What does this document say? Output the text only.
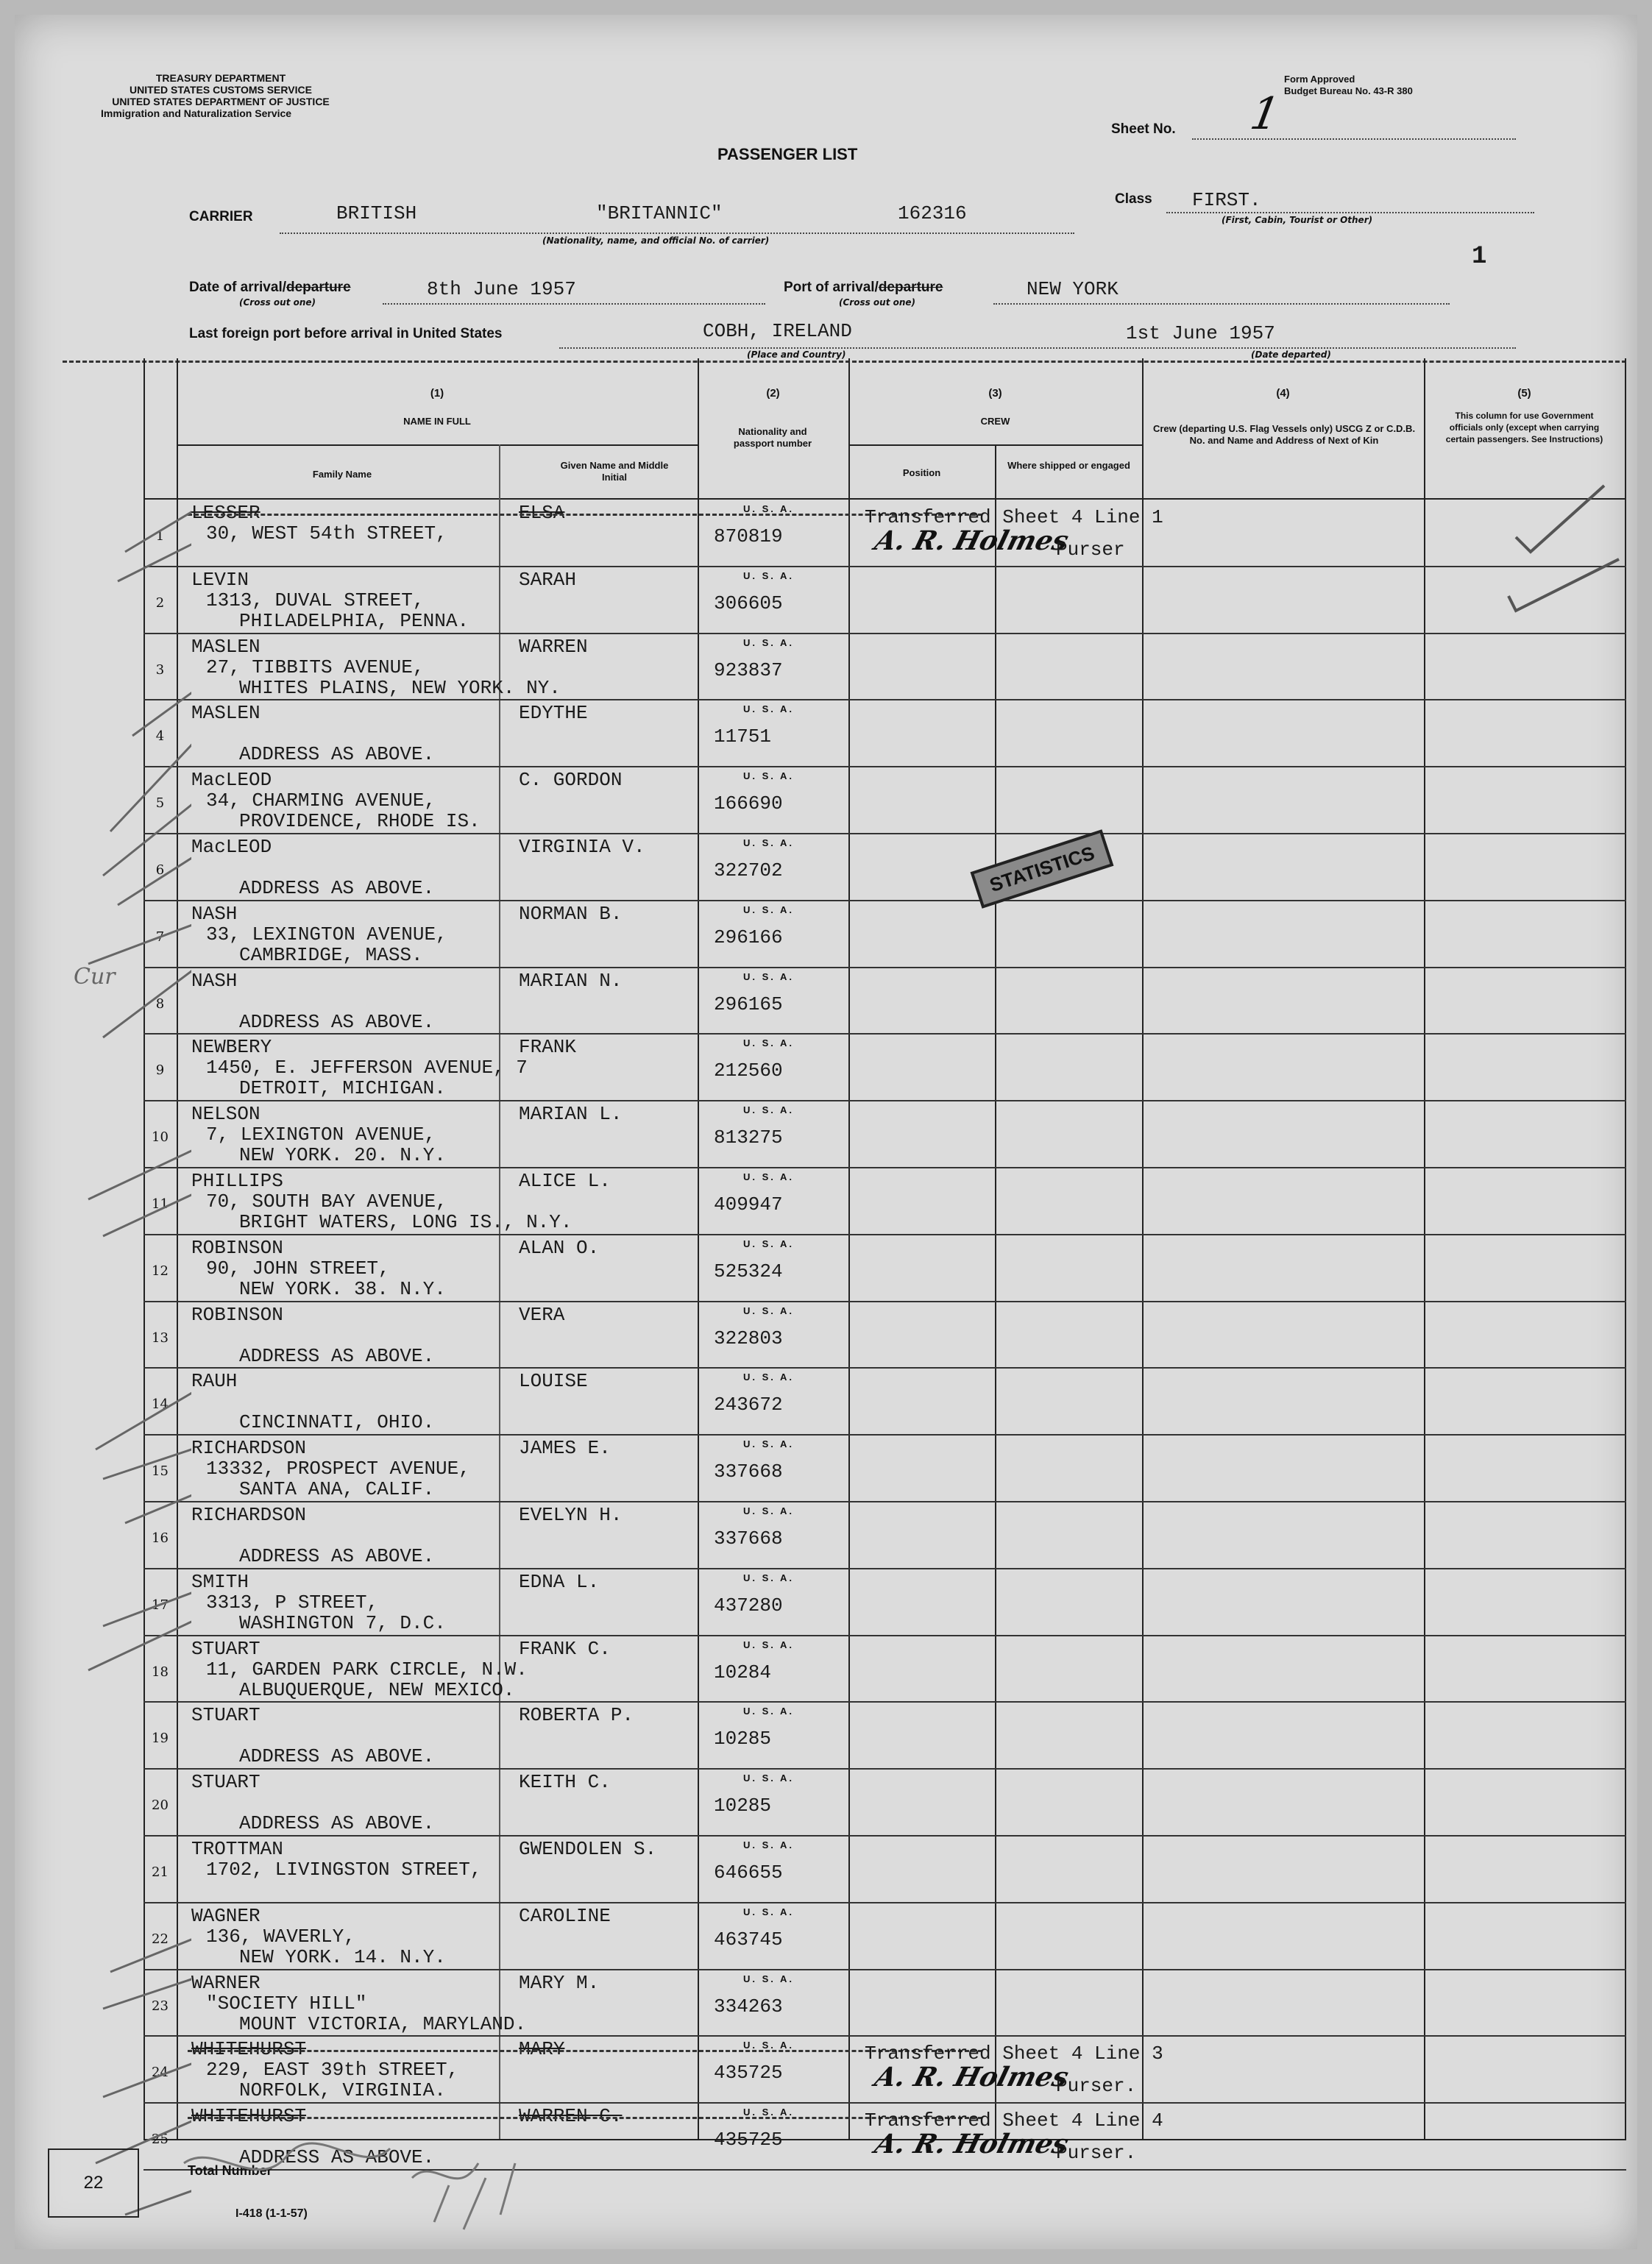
TREASURY DEPARTMENT
UNITED STATES CUSTOMS SERVICE
UNITED STATES DEPARTMENT OF JUSTICE
Immigration and Naturalization Service
Form Approved
Budget Bureau No. 43-R 380
Sheet No. 1
PASSENGER LIST
CARRIER	BRITISH	"BRITANNIC"	162316
(Nationality, name, and official No. of carrier)
Class FIRST.
(First, Cabin, Tourist or Other)
1
Date of arrival/departure
(Cross out one)
8th June 1957	Port of arrival/departure
(Cross out one)
NEW YORK
Last foreign port before arrival in United States	COBH, IRELAND
(Place and Country)
1st June 1957
(Date departed)
(1)
NAME IN FULL
Family Name
Given Name and Middle Initial
(2)
Nationality and passport number
(3)
CREW
Position
Where shipped or engaged
(4)
Crew (departing U.S. Flag Vessels only) USCG Z or C.D.B. No. and Name and Address of Next of Kin
(5)
This column for use Government officials only (except when carrying certain passengers. See Instructions)
1
LESSER	ELSA
30, WEST 54th STREET,
U. S. A.
870819
2
LEVIN	SARAH
1313, DUVAL STREET,
PHILADELPHIA, PENNA.
U. S. A.
306605
3
MASLEN	WARREN
27, TIBBITS AVENUE,
WHITES PLAINS, NEW YORK. NY.
U. S. A.
923837
4
MASLEN	EDYTHE
ADDRESS AS ABOVE.
U. S. A.
11751
5
MacLEOD	C. GORDON
34, CHARMING AVENUE,
PROVIDENCE, RHODE IS.
U. S. A.
166690
6
MacLEOD	VIRGINIA V.
ADDRESS AS ABOVE.
U. S. A.
322702
7
NASH	NORMAN B.
33, LEXINGTON AVENUE,
CAMBRIDGE, MASS.
U. S. A.
296166
8
NASH	MARIAN N.
ADDRESS AS ABOVE.
U. S. A.
296165
9
NEWBERY	FRANK
1450, E. JEFFERSON AVENUE, 7
DETROIT, MICHIGAN.
U. S. A.
212560
10
NELSON	MARIAN L.
7, LEXINGTON AVENUE,
NEW YORK. 20. N.Y.
U. S. A.
813275
11
PHILLIPS	ALICE L.
70, SOUTH BAY AVENUE,
BRIGHT WATERS, LONG IS., N.Y.
U. S. A.
409947
12
ROBINSON	ALAN O.
90, JOHN STREET,
NEW YORK. 38. N.Y.
U. S. A.
525324
13
ROBINSON	VERA
ADDRESS AS ABOVE.
U. S. A.
322803
14
RAUH	LOUISE
CINCINNATI, OHIO.
U. S. A.
243672
15
RICHARDSON	JAMES E.
13332, PROSPECT AVENUE,
SANTA ANA, CALIF.
U. S. A.
337668
16
RICHARDSON	EVELYN H.
ADDRESS AS ABOVE.
U. S. A.
337668
17
SMITH	EDNA L.
3313, P STREET,
WASHINGTON 7, D.C.
U. S. A.
437280
18
STUART	FRANK C.
11, GARDEN PARK CIRCLE, N.W.
ALBUQUERQUE, NEW MEXICO.
U. S. A.
10284
19
STUART	ROBERTA P.
ADDRESS AS ABOVE.
U. S. A.
10285
20
STUART	KEITH C.
ADDRESS AS ABOVE.
U. S. A.
10285
21
TROTTMAN	GWENDOLEN S.
1702, LIVINGSTON STREET,
U. S. A.
646655
22
WAGNER	CAROLINE
136, WAVERLY,
NEW YORK. 14. N.Y.
U. S. A.
463745
23
WARNER	MARY M.
"SOCIETY HILL"
MOUNT VICTORIA, MARYLAND.
U. S. A.
334263
24
WHITEHURST	MARY
229, EAST 39th STREET,
NORFOLK, VIRGINIA.
U. S. A.
435725
25
WHITEHURST	WARREN C.
ADDRESS AS ABOVE.
U. S. A.
435725
Transferred Sheet 4 Line 1
A. R. Holmes
Purser
Transferred Sheet 4 Line 3
A. R. Holmes
Purser.
Transferred Sheet 4 Line 4
A. R. Holmes
Purser.
STATISTICS
Cur
22
Total Number
I-418 (1-1-57)
